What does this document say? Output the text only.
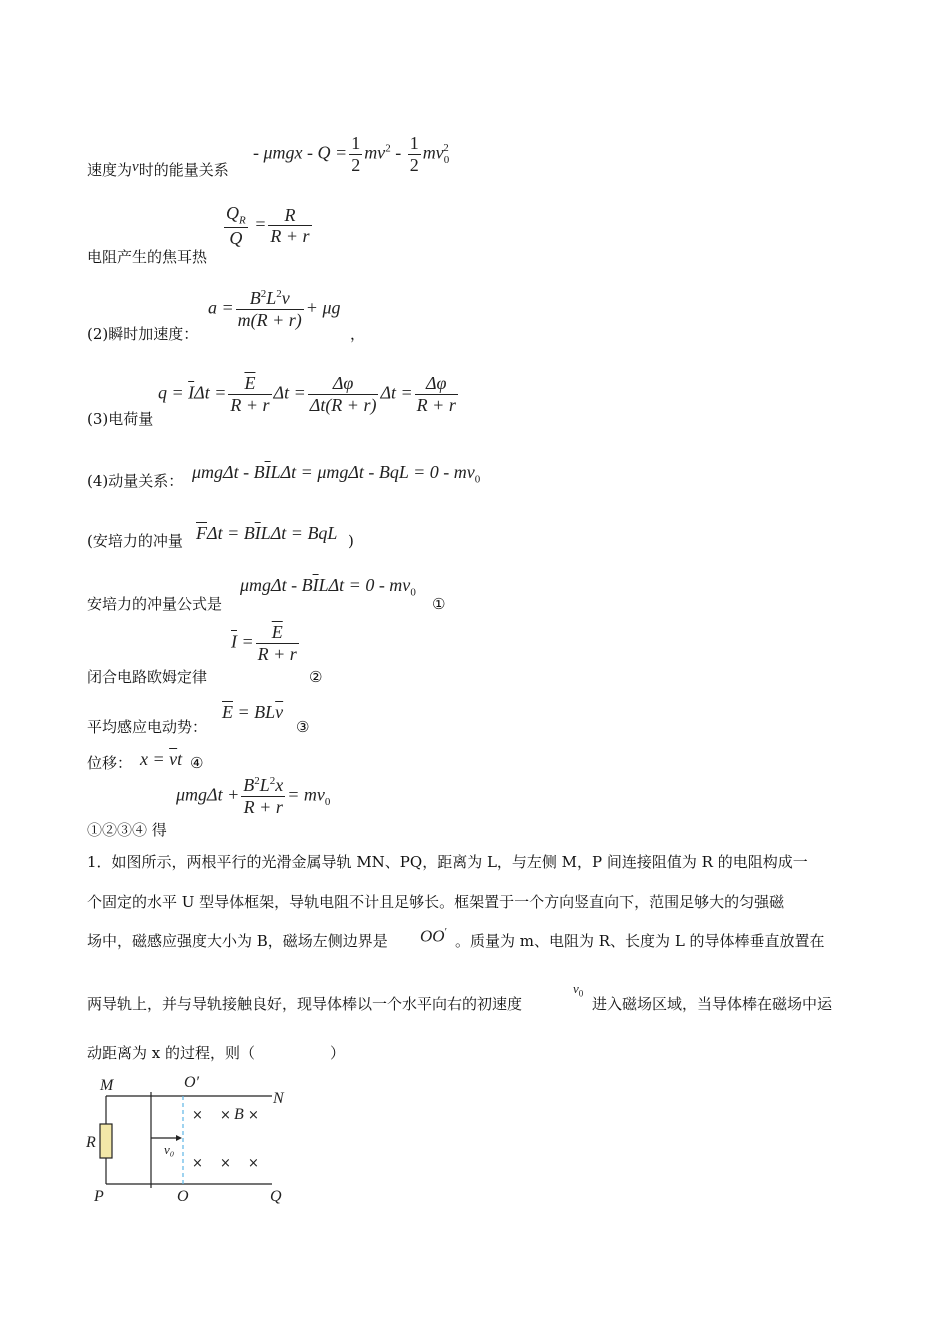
速度为v时的能量关系
- $\mu mgx - Q = \frac{1}{2} mv^2 - \frac{1}{2} mv_0^2$
$\frac{Q_R}{Q} = \frac{R}{R + r}$
电阻产生的焦耳热
$a = \frac{B^2L^2v}{m(R + r)} + \mu g$
(2)瞬时加速度：	，
$q = \overline{I}\Delta t = \frac{\overline{E}}{R + r}$ $\Delta t = \frac{\Delta\varphi}{\Delta t(R + r)}$ $\Delta t = \frac{\Delta\varphi}{R + r}$
(3)电荷量
(4)动量关系： $\mu mg\Delta t - B\overline{I}L\Delta t = \mu mg\Delta t$ - BqL = $0 - mv_0$
(安培力的冲量 $\overline{F}\Delta t = B\overline{I}L\Delta t$ = BqL )
安培力的冲量公式是
$\mu mg\Delta t - B\overline{I}L\Delta t = 0 - mv_0$
①
$\overline{I} = \frac{\overline{E}}{R + r}$
闭合电路欧姆定律	②
平均感应电动势：
$\overline{E} = BL\overline{v}$
③
位移： $x = \overline{v}t$ ④
$\mu mg\Delta t + \frac{B^2L^2x}{R + r} = mv_0$
①②③④ 得
1．如图所示，两根平行的光滑金属导轨 MN、PQ，距离为 L，与左侧 M，P 间连接阻值为 R 的电阻构成一
个固定的水平 U 型导体框架，导轨电阻不计且足够长。框架置于一个方向竖直向下，范围足够大的匀强磁
场中，磁感应强度大小为 B，磁场左侧边界是 OO′ 。质量为 m、电阻为 R、长度为 L 的导体棒垂直放置在
两导轨上，并与导轨接触良好，现导体棒以一个水平向右的初速度
$v_0$
进入磁场区域，当导体棒在磁场中运
动距离为 x 的过程，则（　　　　　）
M	O′
N
R	v₀
P	O	Q
B
× × ×
× × ×
